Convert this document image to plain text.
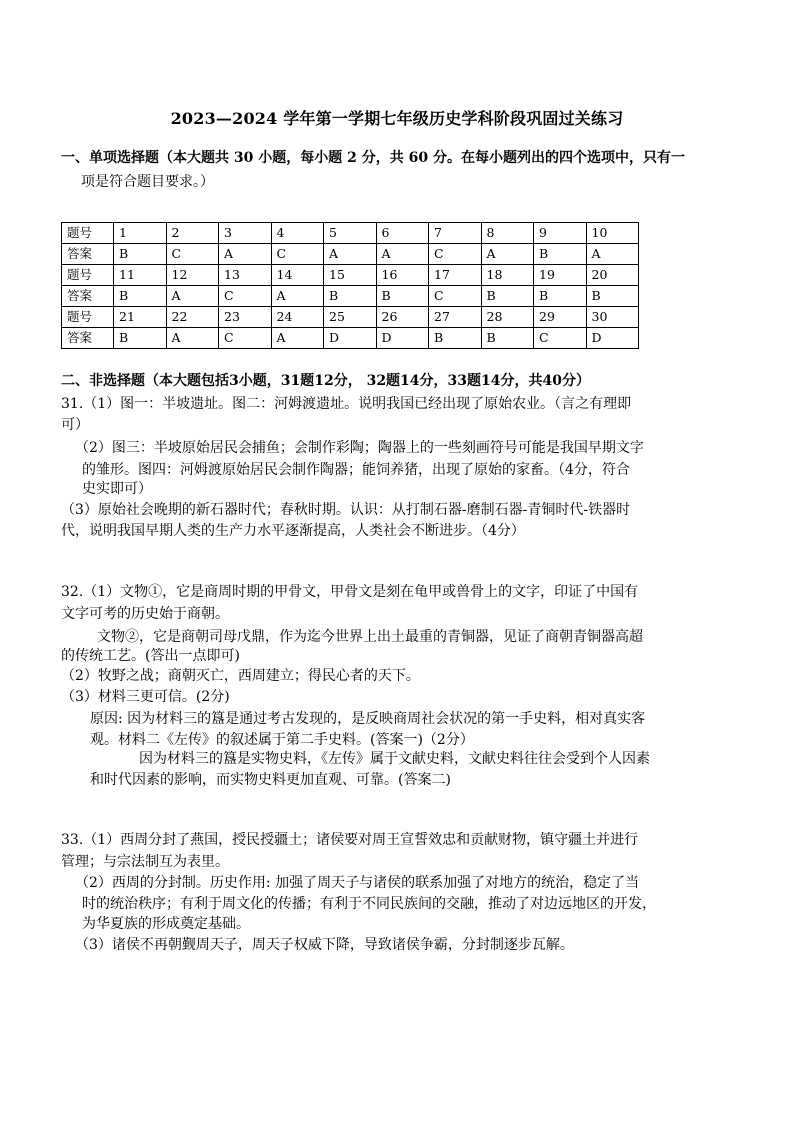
2023—2024 学年第一学期七年级历史学科阶段巩固过关练习
一、单项选择题（本大题共 30 小题，每小题 2 分，共 60 分。在每小题列出的四个选项中，只有一
项是符合题目要求。）
题号	1	2	3	4	5	6	7	8	9	10
答案	B	C	A	C	A	A	C	A	B	A
题号	11	12	13	14	15	16	17	18	19	20
答案	B	A	C	A	B	B	C	B	B	B
题号	21	22	23	24	25	26	27	28	29	30
答案	B	A	C	A	D	D	B	B	C	D
二、非选择题（本大题包括3小题，31题12分， 32题14分，33题14分，共40分）
31.（1）图一：半坡遗址。图二：河姆渡遗址。说明我国已经出现了原始农业。（言之有理即
可）
（2）图三：半坡原始居民会捕鱼；会制作彩陶；陶器上的一些刻画符号可能是我国早期文字
的雏形。图四：河姆渡原始居民会制作陶器；能饲养猪，出现了原始的家畜。（4分，符合
史实即可）
（3）原始社会晚期的新石器时代；春秋时期。认识：从打制石器-磨制石器-青铜时代-铁器时
代，说明我国早期人类的生产力水平逐渐提高，人类社会不断进步。（4分）
32.（1）文物①，它是商周时期的甲骨文，甲骨文是刻在龟甲或兽骨上的文字，印证了中国有
文字可考的历史始于商朝。
文物②，它是商朝司母戊鼎，作为迄今世界上出土最重的青铜器，见证了商朝青铜器高超
的传统工艺。(答出一点即可)
（2）牧野之战；商朝灭亡，西周建立；得民心者的天下。
（3）材料三更可信。(2分)
原因: 因为材料三的簋是通过考古发现的，是反映商周社会状况的第一手史料，相对真实客
观。材料二《左传》的叙述属于第二手史料。(答案一)（2分）
因为材料三的簋是实物史料，《左传》属于文献史料，文献史料往往会受到个人因素
和时代因素的影响，而实物史料更加直观、可靠。(答案二)
33.（1）西周分封了燕国，授民授疆土；诸侯要对周王宣誓效忠和贡献财物，镇守疆土并进行
管理；与宗法制互为表里。
（2）西周的分封制。历史作用: 加强了周天子与诸侯的联系加强了对地方的统治，稳定了当
时的统治秩序；有利于周文化的传播；有利于不同民族间的交融，推动了对边远地区的开发，
为华夏族的形成奠定基础。
（3）诸侯不再朝觐周天子，周天子权威下降，导致诸侯争霸，分封制逐步瓦解。
